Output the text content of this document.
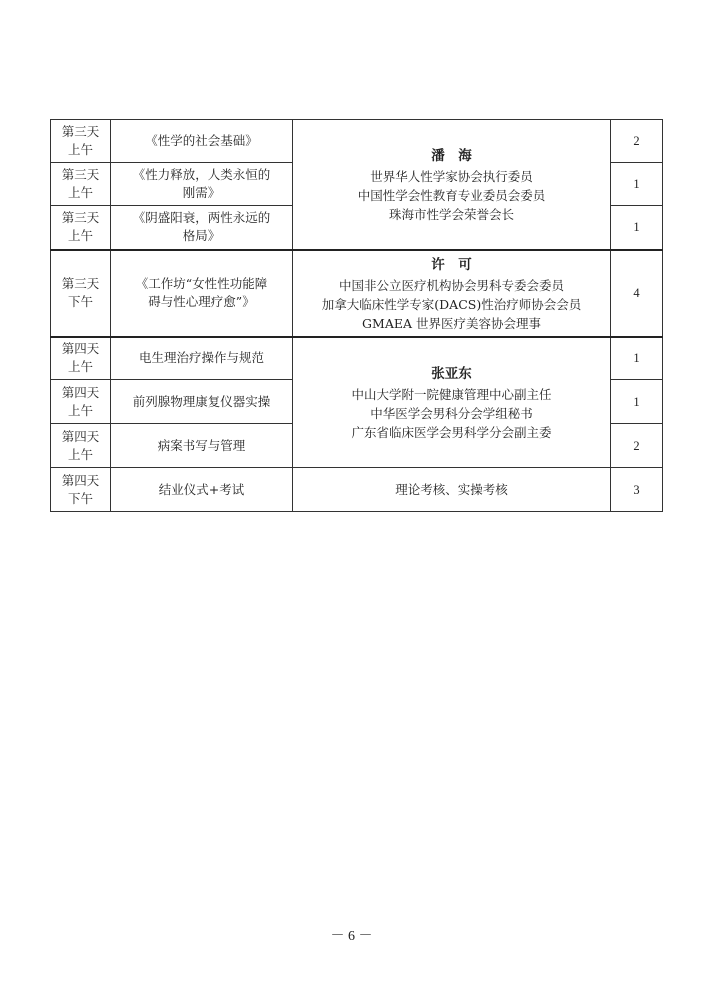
第三天
上午	《性学的社会基础》	潘　海
世界华人性学家协会执行委员
中国性学会性教育专业委员会委员
珠海市性学会荣誉会长	2
第三天
上午	《性力释放，人类永恒的
刚需》		1
第三天
上午	《阴盛阳衰，两性永远的
格局》		1
第三天
下午	《工作坊“女性性功能障
碍与性心理疗愈”》	许　可
中国非公立医疗机构协会男科专委会委员
加拿大临床性学专家(DACS)性治疗师协会会员
GMAEA 世界医疗美容协会理事	4
第四天
上午	电生理治疗操作与规范	张亚东
中山大学附一院健康管理中心副主任
中华医学会男科分会学组秘书
广东省临床医学会男科学分会副主委	1
第四天
上午	前列腺物理康复仪器实操		1
第四天
上午	病案书写与管理		2
第四天
下午	结业仪式+考试	理论考核、实操考核	3
－ 6 －
